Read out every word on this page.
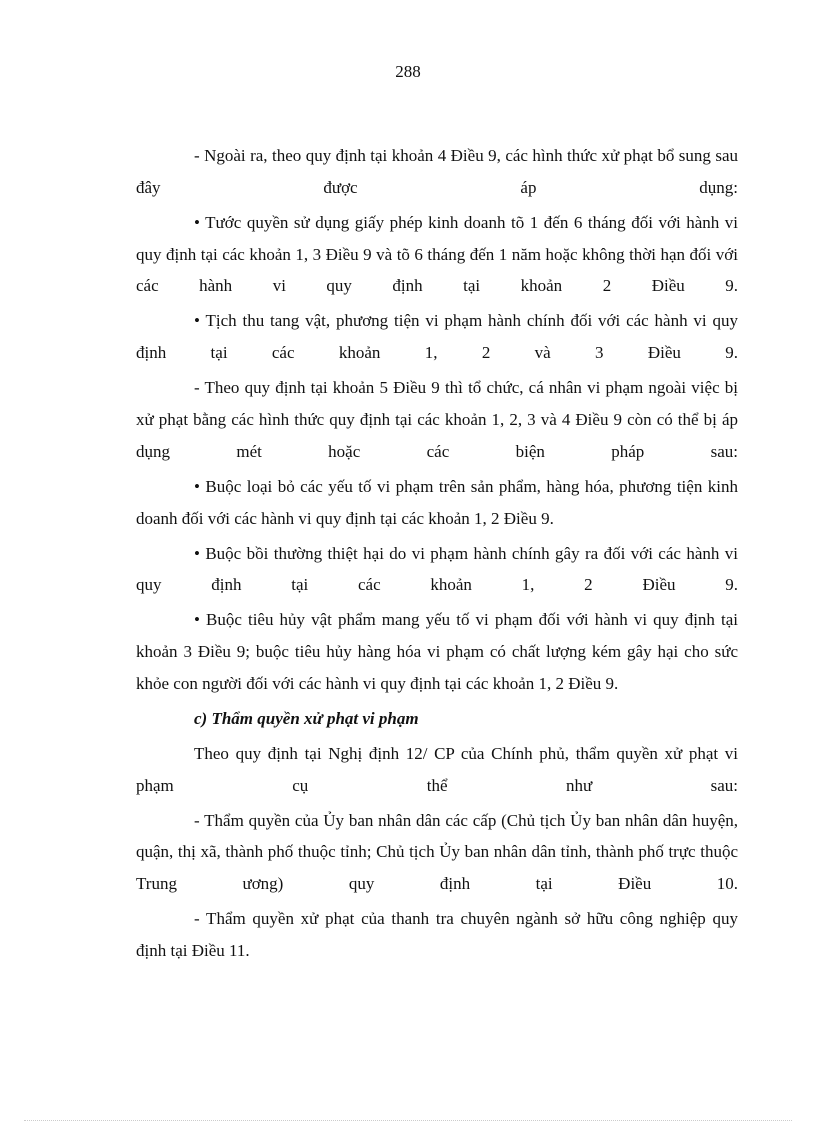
288

- Ngoài ra, theo quy định tại khoản 4 Điều 9, các hình thức xử phạt bổ sung sau đây được áp dụng:

• Tước quyền sử dụng giấy phép kinh doanh tõ 1 đến 6 tháng đối với hành vi quy định tại các khoản 1, 3 Điều 9 và tõ 6 tháng đến 1 năm hoặc không thời hạn đối với các hành vi quy định tại khoản 2 Điều 9.

• Tịch thu tang vật, phương tiện vi phạm hành chính đối với các hành vi quy định tại các khoản 1, 2 và 3 Điều 9.

- Theo quy định tại khoản 5 Điều 9 thì tổ chức, cá nhân vi phạm ngoài việc bị xử phạt bằng các hình thức quy định tại các khoản 1, 2, 3 và 4 Điều 9 còn có thể bị áp dụng mét hoặc các biện pháp sau:

• Buộc loại bỏ các yếu tố vi phạm trên sản phẩm, hàng hóa, phương tiện kinh doanh đối với các hành vi quy định tại các khoản 1, 2 Điều 9.

• Buộc bồi thường thiệt hại do vi phạm hành chính gây ra đối với các hành vi quy định tại các khoản 1, 2 Điều 9.

• Buộc tiêu hủy vật phẩm mang yếu tố vi phạm đối với hành vi quy định tại khoản 3 Điều 9; buộc tiêu hủy hàng hóa vi phạm có chất lượng kém gây hại cho sức khỏe con người đối với các hành vi quy định tại các khoản 1, 2 Điều 9.

c) Thẩm quyền xử phạt vi phạm

Theo quy định tại Nghị định 12/ CP của Chính phủ, thẩm quyền xử phạt vi phạm cụ thể như sau:

- Thẩm quyền của Ủy ban nhân dân các cấp (Chủ tịch Ủy ban nhân dân huyện, quận, thị xã, thành phố thuộc tỉnh; Chủ tịch Ủy ban nhân dân tỉnh, thành phố trực thuộc Trung ương) quy định tại Điều 10.

- Thẩm quyền xử phạt của thanh tra chuyên ngành sở hữu công nghiệp quy định tại Điều 11.
